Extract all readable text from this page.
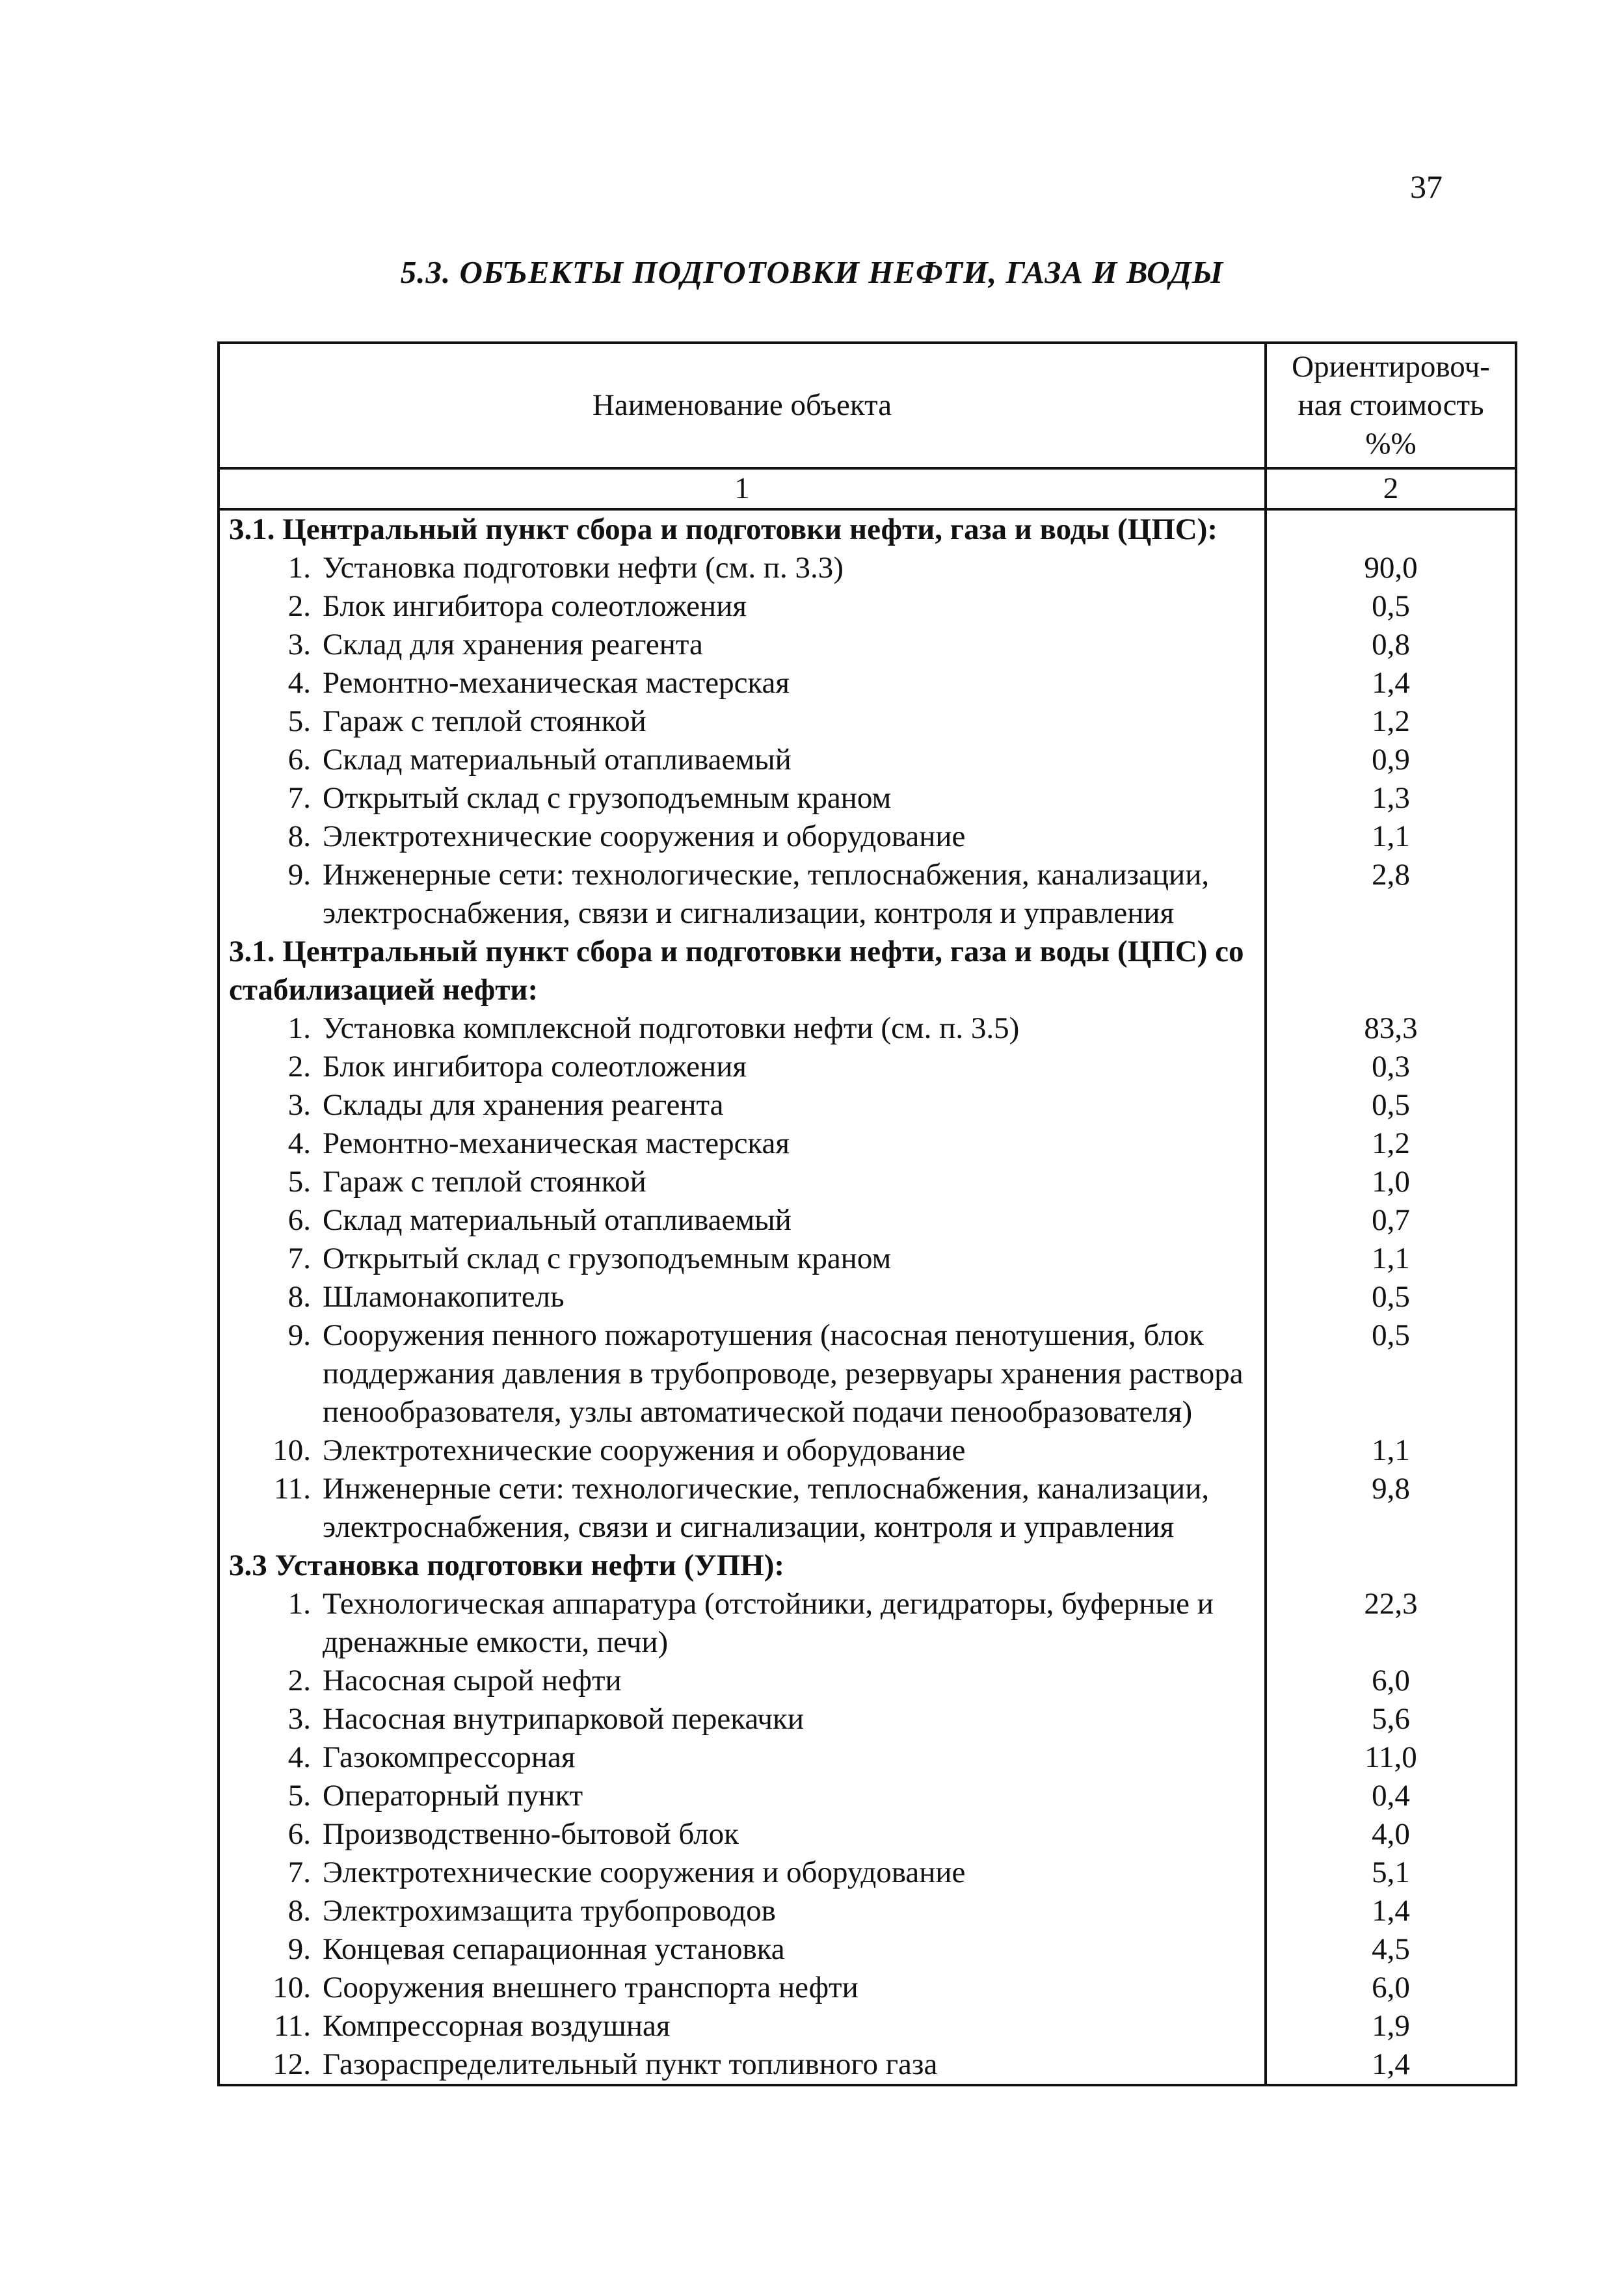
37
5.3. ОБЪЕКТЫ ПОДГОТОВКИ НЕФТИ, ГАЗА И ВОДЫ
Наименование объекта	Ориентировоч-
ная стоимость
%%

1	2
3.1. Центральный пункт сбора и подготовки нефти, газа и воды (ЦПС):	

1. Установка подготовки нефти (см. п. 3.3)	90,0

2. Блок ингибитора солеотложения	0,5

3. Склад для хранения реагента	0,8

4. Ремонтно-механическая мастерская	1,4

5. Гараж с теплой стоянкой	1,2

6. Склад материальный отапливаемый	0,9

7. Открытый склад с грузоподъемным краном	1,3

8. Электротехнические сооружения и оборудование	1,1

9. Инженерные сети: технологические, теплоснабжения, канализации, электроснабжения, связи и сигнализации, контроля и управления	2,8
3.1. Центральный пункт сбора и подготовки нефти, газа и воды (ЦПС) со стабилизацией нефти:	

1. Установка комплексной подготовки нефти (см. п. 3.5)	83,3

2. Блок ингибитора солеотложения	0,3

3. Склады для хранения реагента	0,5

4. Ремонтно-механическая мастерская	1,2

5. Гараж с теплой стоянкой	1,0

6. Склад материальный отапливаемый	0,7

7. Открытый склад с грузоподъемным краном	1,1

8. Шламонакопитель	0,5

9. Сооружения пенного пожаротушения (насосная пенотушения, блок поддержания давления в трубопроводе, резервуары хранения раствора пенообразователя, узлы автоматической подачи пенообразователя)	0,5

10. Электротехнические сооружения и оборудование	1,1

11. Инженерные сети: технологические, теплоснабжения, канализации, электроснабжения, связи и сигнализации, контроля и управления	9,8
3.3 Установка подготовки нефти (УПН):	

1. Технологическая аппаратура (отстойники, дегидраторы, буферные и дренажные емкости, печи)	22,3

2. Насосная сырой нефти	6,0

3. Насосная внутрипарковой перекачки	5,6

4. Газокомпрессорная	11,0

5. Операторный пункт	0,4

6. Производственно-бытовой блок	4,0

7. Электротехнические сооружения и оборудование	5,1

8. Электрохимзащита трубопроводов	1,4

9. Концевая сепарационная установка	4,5

10. Сооружения внешнего транспорта нефти	6,0

11. Компрессорная воздушная	1,9

12. Газораспределительный пункт топливного газа	1,4
